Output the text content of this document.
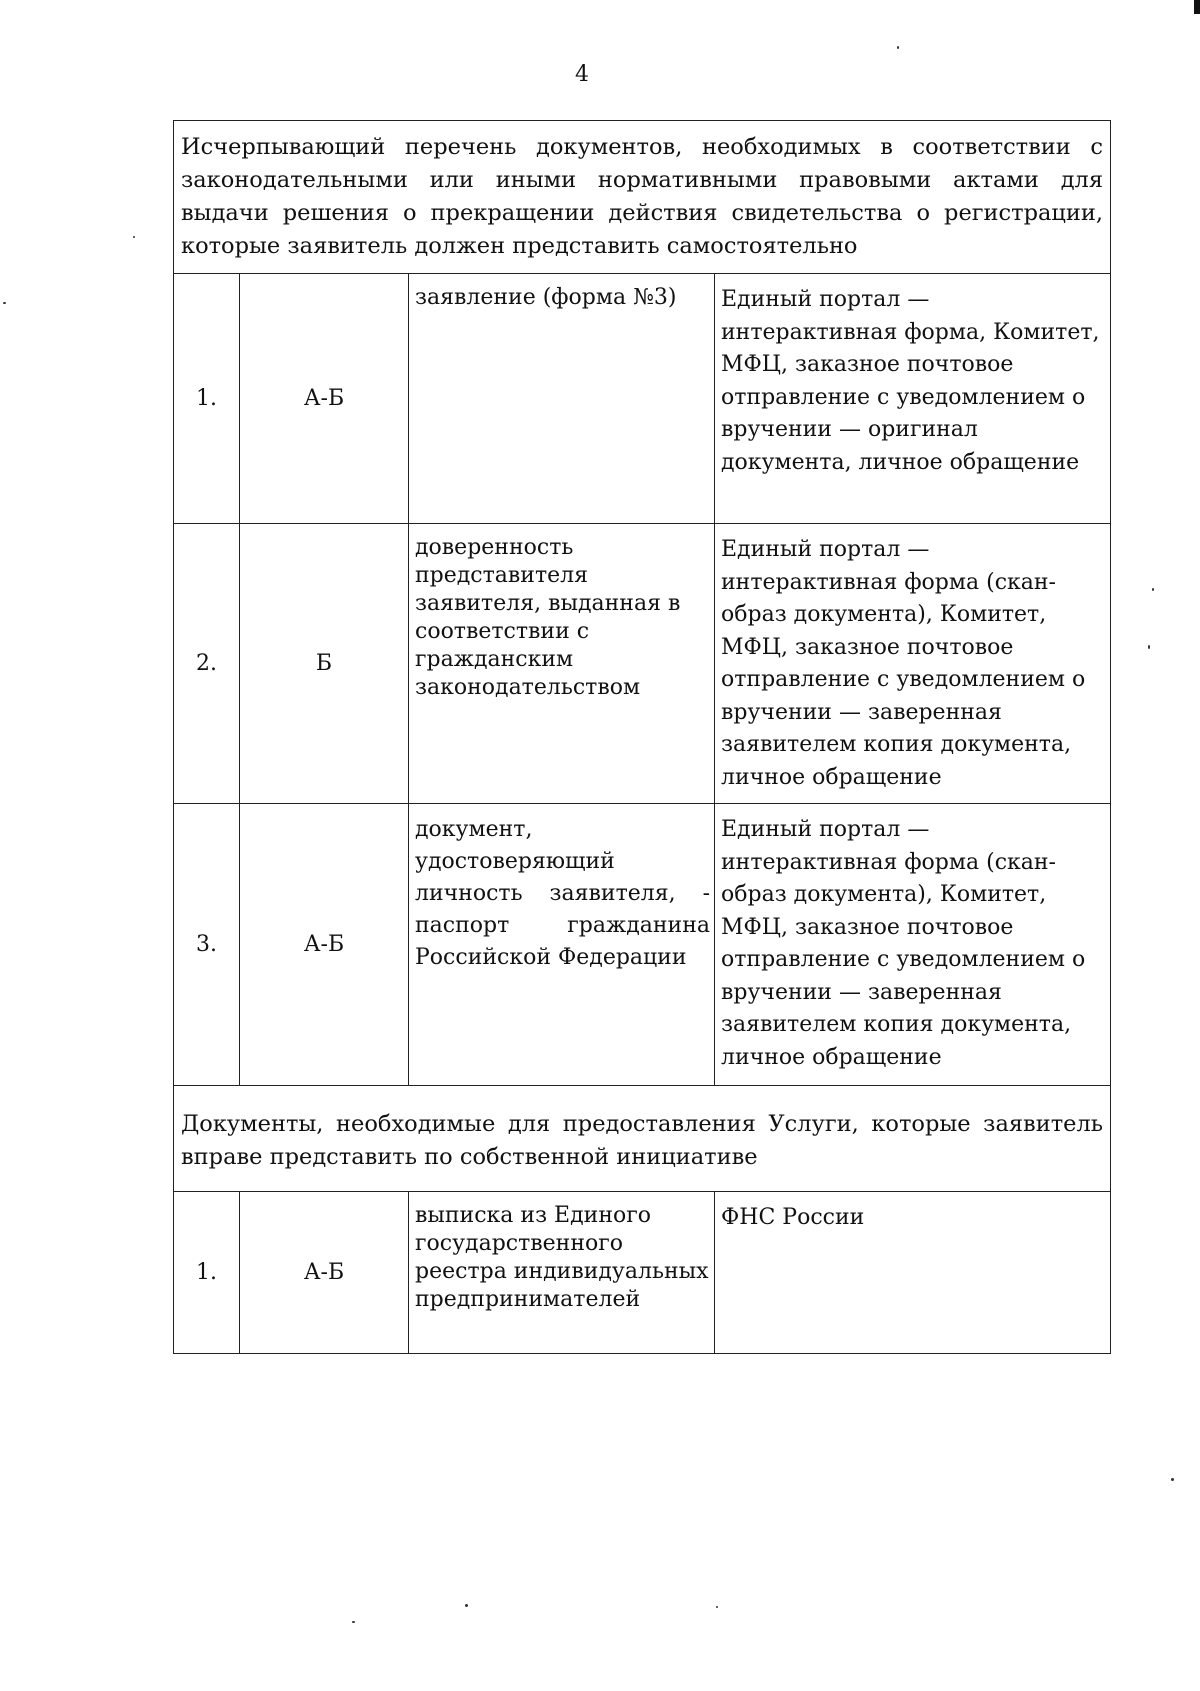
4
Исчерпывающий перечень документов, необходимых в соответствии с законодательными или иными нормативными правовыми актами для выдачи решения о прекращении действия свидетельства о регистрации, которые заявитель должен представить самостоятельно			
1.	А-Б	заявление (форма №3)	Единый портал — интерактивная форма, Комитет, МФЦ, заказное почтовое отправление с уведомлением о вручении — оригинал документа, личное обращение
2.	Б	доверенность представителя заявителя, выданная в соответствии с гражданским законодательством	Единый портал — интерактивная форма (скан-образ документа), Комитет, МФЦ, заказное почтовое отправление с уведомлением о вручении — заверенная заявителем копия документа, личное обращение
3.	А-Б	документ, удостоверяющий личность заявителя, - паспорт гражданина Российской Федерации	Единый портал — интерактивная форма (скан-образ документа), Комитет, МФЦ, заказное почтовое отправление с уведомлением о вручении — заверенная заявителем копия документа, личное обращение
Документы, необходимые для предоставления Услуги, которые заявитель вправе представить по собственной инициативе			
1.	А-Б	выписка из Единого государственного реестра индивидуальных предпринимателей	ФНС России
